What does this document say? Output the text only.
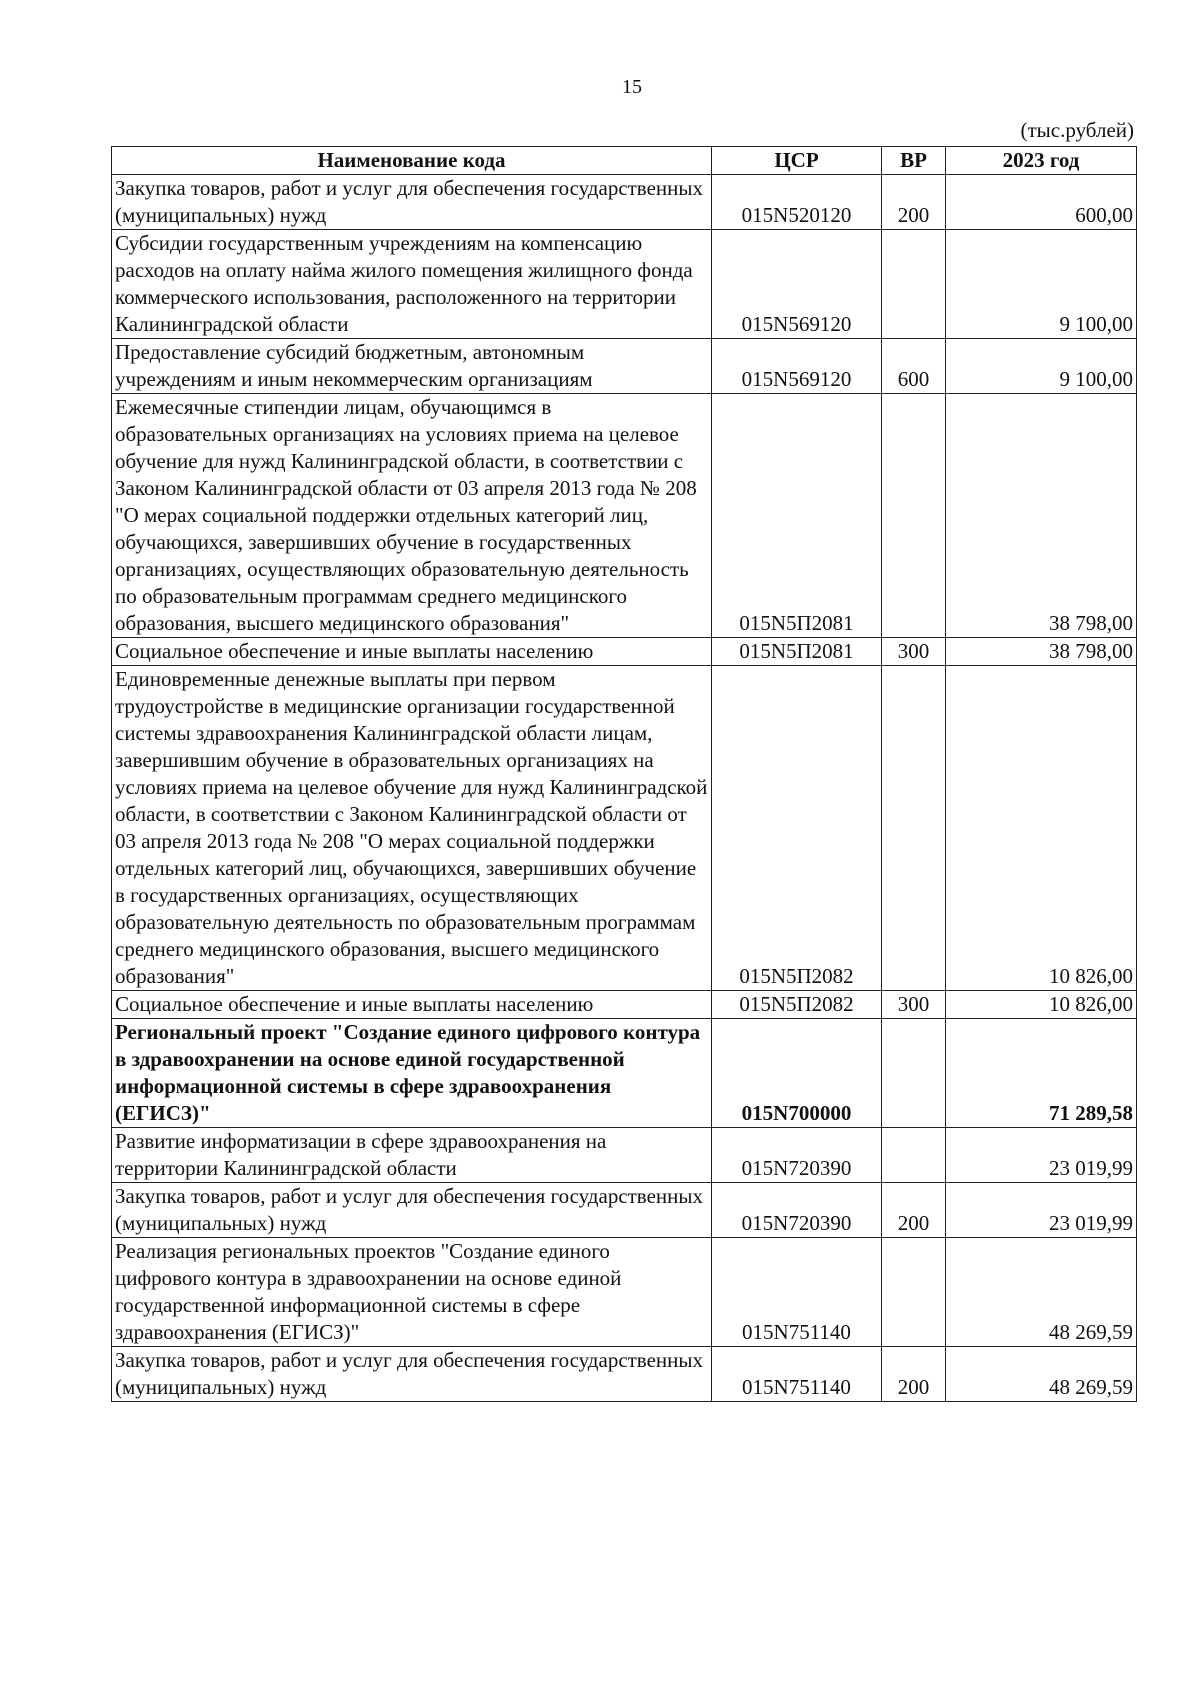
15
(тыс.рублей)
Наименование кода	ЦСР	ВР	2023 год
Закупка товаров, работ и услуг для обеспечения государственных (муниципальных) нужд	015N520120	200	600,00
Субсидии государственным учреждениям на компенсацию расходов на оплату найма жилого помещения жилищного фонда коммерческого использования, расположенного на территории Калининградской области	015N569120		9 100,00
Предоставление субсидий бюджетным, автономным учреждениям и иным некоммерческим организациям	015N569120	600	9 100,00
Ежемесячные стипендии лицам, обучающимся в образовательных организациях на условиях приема на целевое обучение для нужд Калининградской области, в соответствии с Законом Калининградской области от 03 апреля 2013 года № 208 "О мерах социальной поддержки отдельных категорий лиц, обучающихся, завершивших обучение в государственных организациях, осуществляющих образовательную деятельность по образовательным программам среднего медицинского образования, высшего медицинского образования"	015N5П2081		38 798,00
Социальное обеспечение и иные выплаты населению	015N5П2081	300	38 798,00
Единовременные денежные выплаты при первом трудоустройстве в медицинские организации государственной системы здравоохранения Калининградской области лицам, завершившим обучение в образовательных организациях на условиях приема на целевое обучение для нужд Калининградской области, в соответствии с Законом Калининградской области от 03 апреля 2013 года № 208 "О мерах социальной поддержки отдельных категорий лиц, обучающихся, завершивших обучение в государственных организациях, осуществляющих образовательную деятельность по образовательным программам среднего медицинского образования, высшего медицинского образования"	015N5П2082		10 826,00
Социальное обеспечение и иные выплаты населению	015N5П2082	300	10 826,00
Региональный проект "Создание единого цифрового контура в здравоохранении на основе единой государственной информационной системы в сфере здравоохранения (ЕГИСЗ)"	015N700000		71 289,58
Развитие информатизации в сфере здравоохранения на территории Калининградской области	015N720390		23 019,99
Закупка товаров, работ и услуг для обеспечения государственных (муниципальных) нужд	015N720390	200	23 019,99
Реализация региональных проектов "Создание единого цифрового контура в здравоохранении на основе единой государственной информационной системы в сфере здравоохранения (ЕГИСЗ)"	015N751140		48 269,59
Закупка товаров, работ и услуг для обеспечения государственных (муниципальных) нужд	015N751140	200	48 269,59
